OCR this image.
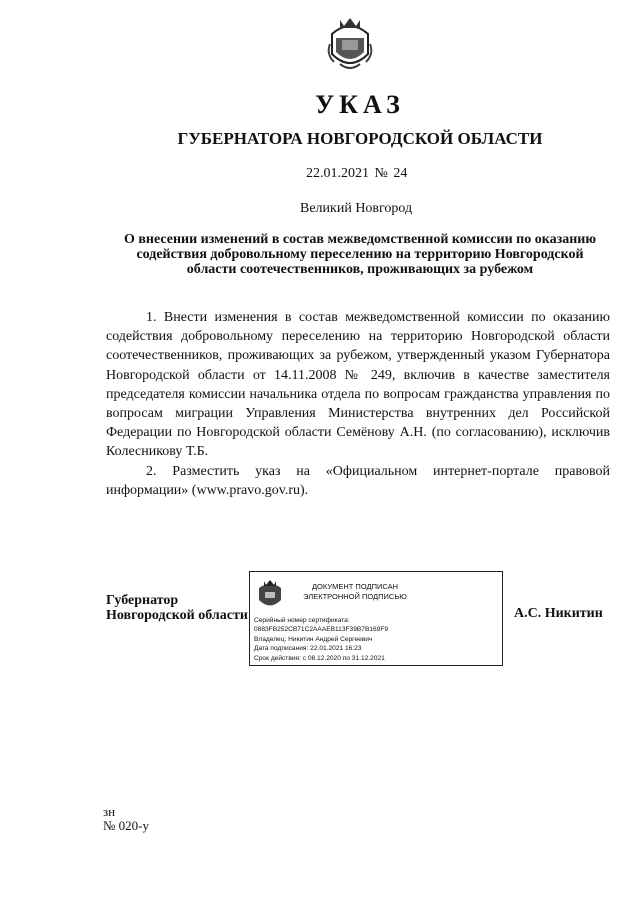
УКАЗ
ГУБЕРНАТОРА НОВГОРОДСКОЙ ОБЛАСТИ
22.01.2021 № 24
Великий Новгород
О внесении изменений в состав межведомственной комиссии по оказанию содействия добровольному переселению на территорию Новгородской области соотечественников, проживающих за рубежом

1. Внести изменения в состав межведомственной комиссии по оказанию содействия добровольному переселению на территорию Новгородской области соотечественников, проживающих за рубежом, утвержденный указом Губернатора Новгородской области от 14.11.2008 № 249, включив в качестве заместителя председателя комиссии начальника отдела по вопросам гражданства управления по вопросам миграции Управления Министерства внутренних дел Российской Федерации по Новгородской области Семёнову А.Н. (по согласованию), исключив Колесникову Т.Б.

2. Разместить указ на «Официальном интернет-портале правовой информации» (www.pravo.gov.ru).

Губернатор
Новгородской области
ДОКУМЕНТ ПОДПИСАН
ЭЛЕКТРОННОЙ ПОДПИСЬЮ
Серийный номер сертификата:
0883FB252CB71C2AAAEB113F39B7B169F9
Владелец: Никитин Андрей Сергеевич
Дата подписания: 22.01.2021 16:23
Срок действия: с 08.12.2020 по 31.12.2021
А.С. Никитин
зн
№ 020-у
